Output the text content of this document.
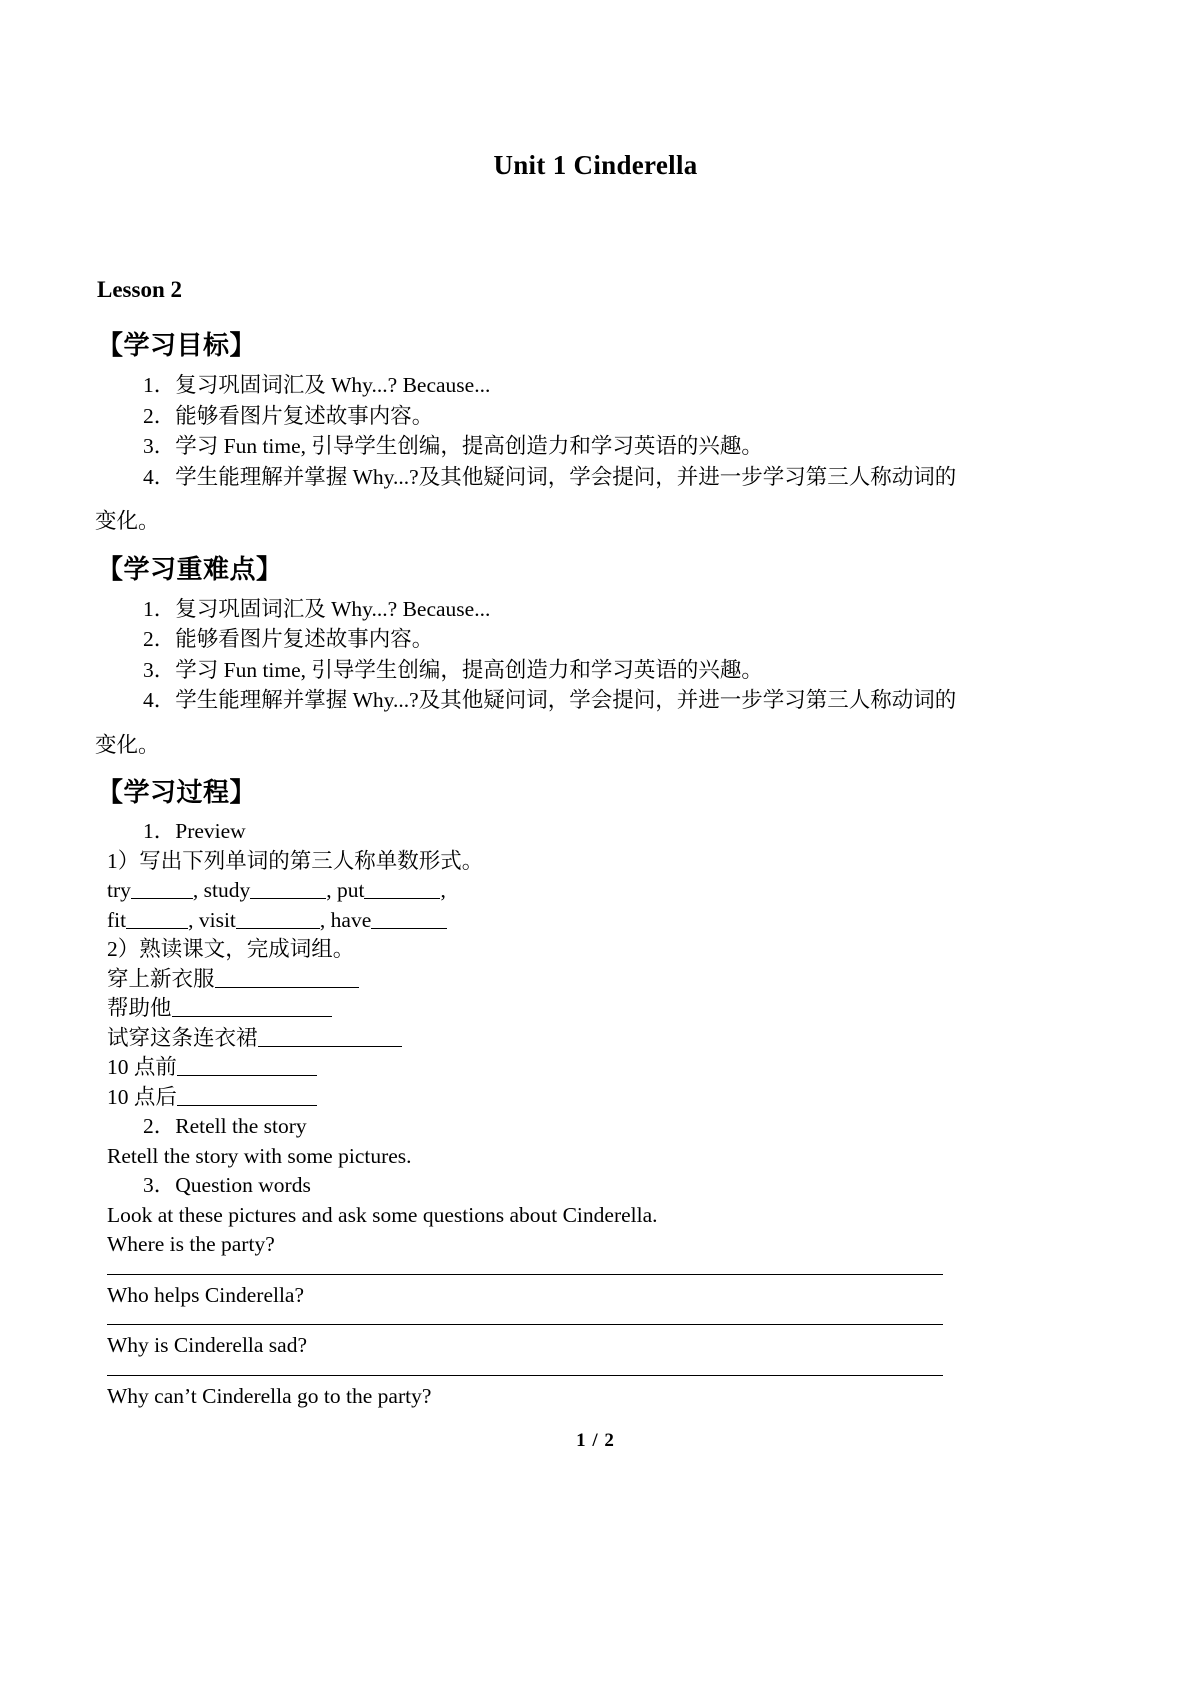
Unit 1 Cinderella
Lesson 2
【学习目标】
1．复习巩固词汇及 Why...? Because...
2．能够看图片复述故事内容。
3．学习 Fun time, 引导学生创编，提高创造力和学习英语的兴趣。
4．学生能理解并掌握 Why...?及其他疑问词，学会提问，并进一步学习第三人称动词的
变化。
【学习重难点】
1．复习巩固词汇及 Why...? Because...
2．能够看图片复述故事内容。
3．学习 Fun time, 引导学生创编，提高创造力和学习英语的兴趣。
4．学生能理解并掌握 Why...?及其他疑问词，学会提问，并进一步学习第三人称动词的
变化。
【学习过程】
1．Preview
1）写出下列单词的第三人称单数形式。
try	, study	, put	,
fit	, visit	, have
2）熟读课文，完成词组。
穿上新衣服
帮助他
试穿这条连衣裙
10 点前
10 点后
2．Retell the story
Retell the story with some pictures.
3．Question words
Look at these pictures and ask some questions about Cinderella.
Where is the party?
Who helps Cinderella?
Why is Cinderella sad?
Why can’t Cinderella go to the party?
1 / 2
